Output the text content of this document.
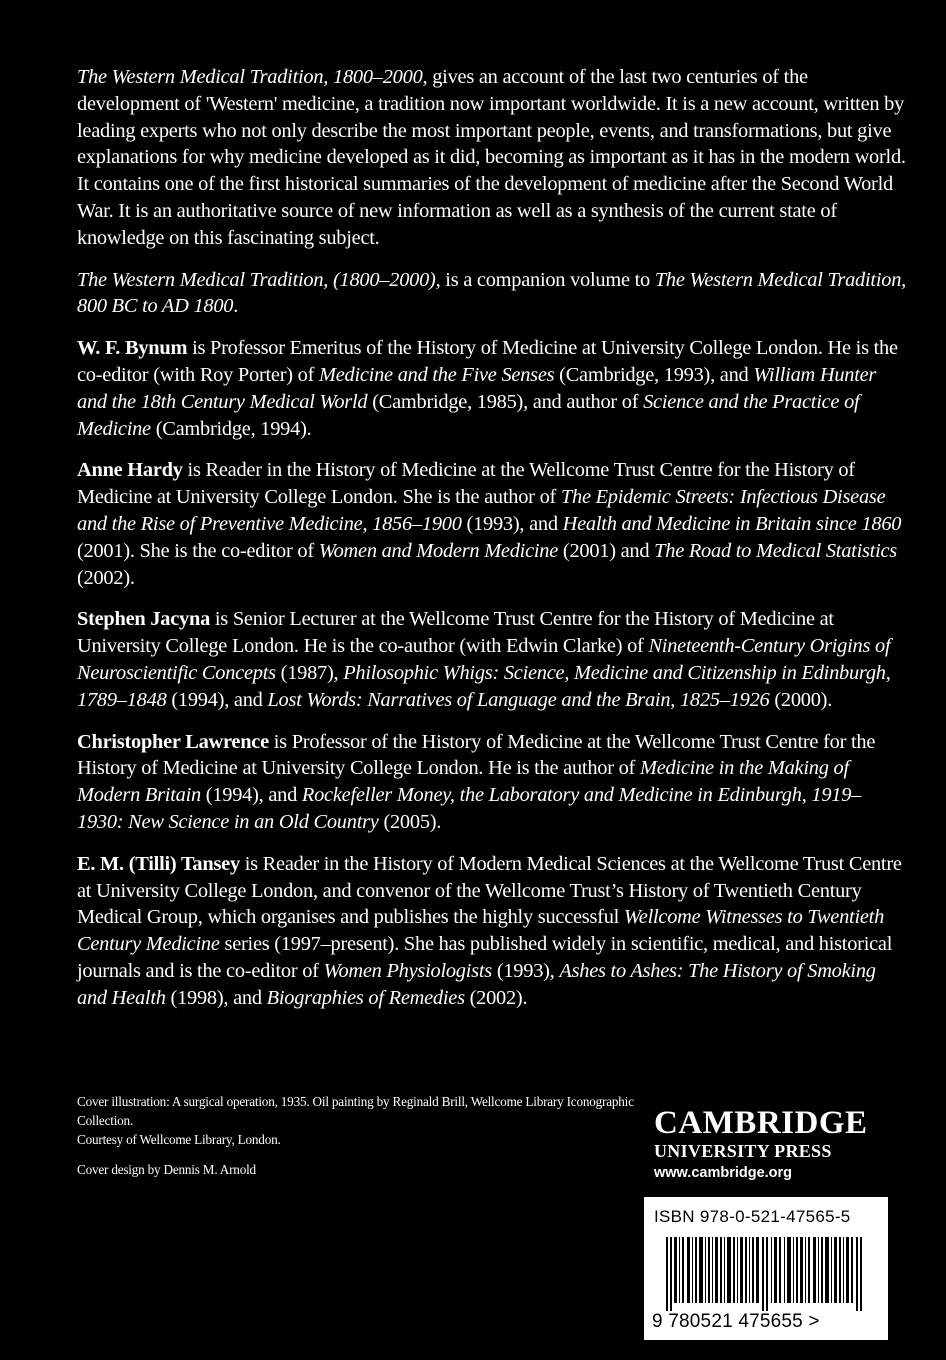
The Western Medical Tradition, 1800–2000, gives an account of the last two centuries of the development of 'Western' medicine, a tradition now important worldwide. It is a new account, written by leading experts who not only describe the most important people, events, and transformations, but give explanations for why medicine developed as it did, becoming as important as it has in the modern world. It contains one of the first historical summaries of the development of medicine after the Second World War. It is an authoritative source of new information as well as a synthesis of the current state of knowledge on this fascinating subject.

The Western Medical Tradition, (1800–2000), is a companion volume to The Western Medical Tradition, 800 BC to AD 1800.

W. F. Bynum is Professor Emeritus of the History of Medicine at University College London. He is the co-editor (with Roy Porter) of Medicine and the Five Senses (Cambridge, 1993), and William Hunter and the 18th Century Medical World (Cambridge, 1985), and author of Science and the Practice of Medicine (Cambridge, 1994).

Anne Hardy is Reader in the History of Medicine at the Wellcome Trust Centre for the History of Medicine at University College London. She is the author of The Epidemic Streets: Infectious Disease and the Rise of Preventive Medicine, 1856–1900 (1993), and Health and Medicine in Britain since 1860 (2001). She is the co-editor of Women and Modern Medicine (2001) and The Road to Medical Statistics (2002).

Stephen Jacyna is Senior Lecturer at the Wellcome Trust Centre for the History of Medicine at University College London. He is the co-author (with Edwin Clarke) of Nineteenth-Century Origins of Neuroscientific Concepts (1987), Philosophic Whigs: Science, Medicine and Citizenship in Edinburgh, 1789–1848 (1994), and Lost Words: Narratives of Language and the Brain, 1825–1926 (2000).

Christopher Lawrence is Professor of the History of Medicine at the Wellcome Trust Centre for the History of Medicine at University College London. He is the author of Medicine in the Making of Modern Britain (1994), and Rockefeller Money, the Laboratory and Medicine in Edinburgh, 1919–1930: New Science in an Old Country (2005).

E. M. (Tilli) Tansey is Reader in the History of Modern Medical Sciences at the Wellcome Trust Centre at University College London, and convenor of the Wellcome Trust’s History of Twentieth Century Medical Group, which organises and publishes the highly successful Wellcome Witnesses to Twentieth Century Medicine series (1997–present). She has published widely in scientific, medical, and historical journals and is the co-editor of Women Physiologists (1993), Ashes to Ashes: The History of Smoking and Health (1998), and Biographies of Remedies (2002).

Cover illustration: A surgical operation, 1935. Oil painting by Reginald Brill, Wellcome Library Iconographic Collection.
Courtesy of Wellcome Library, London.
Cover design by Dennis M. Arnold
CAMBRIDGE
UNIVERSITY PRESS
www.cambridge.org
ISBN 978-0-521-47565-5
9 780521 475655 >
